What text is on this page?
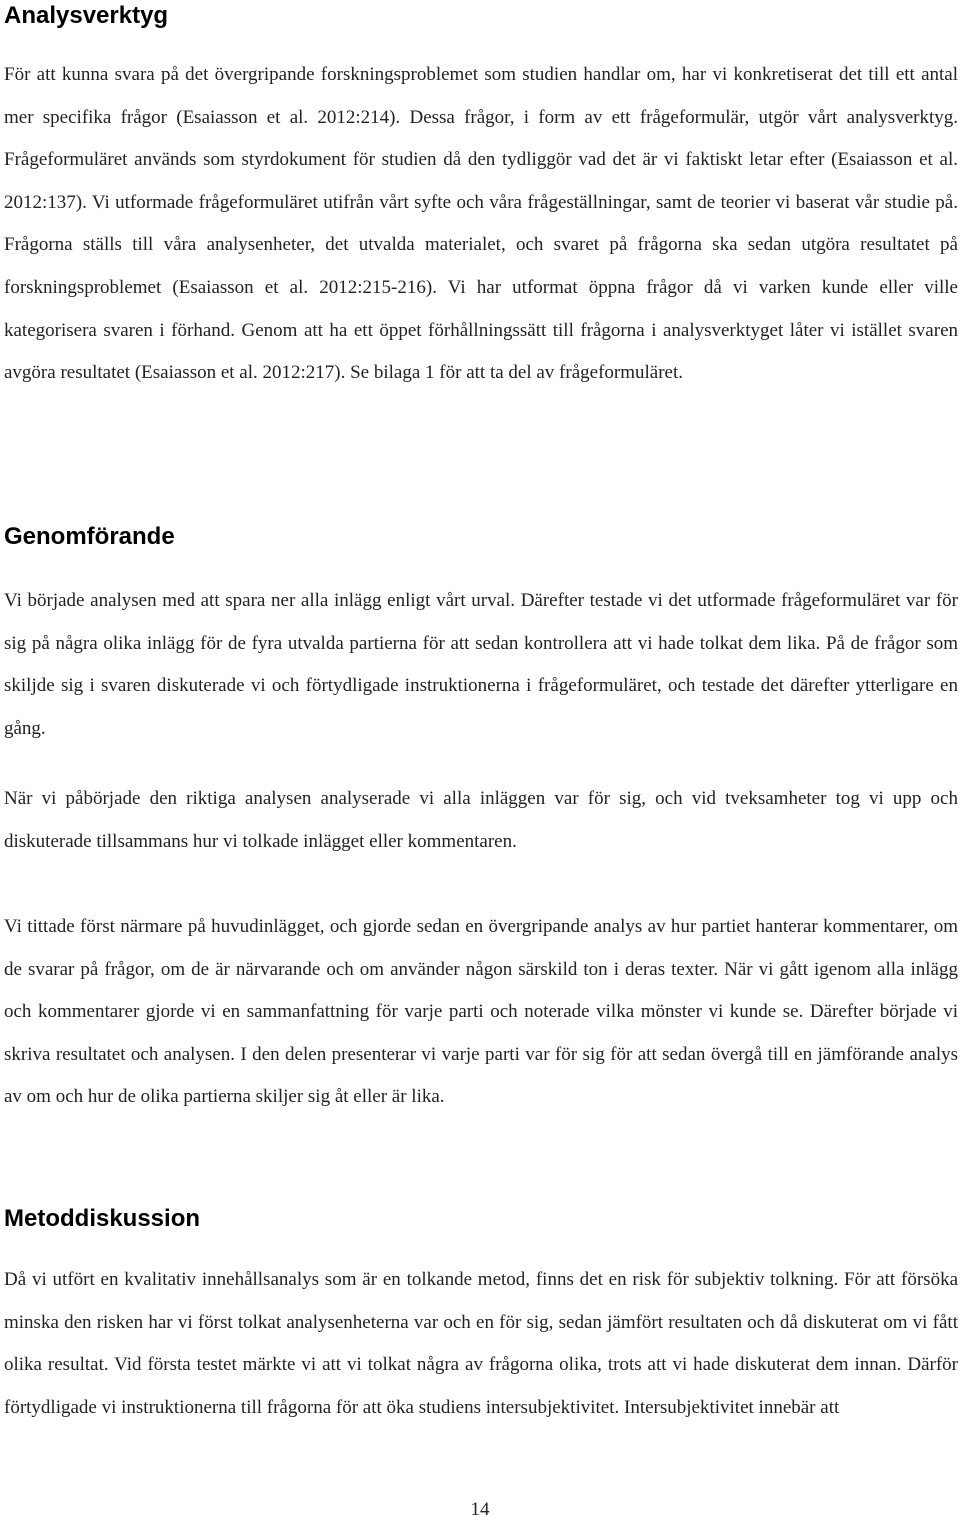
Analysverktyg

För att kunna svara på det övergripande forskningsproblemet som studien handlar om, har vi konkretiserat det till ett antal mer specifika frågor (Esaiasson et al. 2012:214). Dessa frågor, i form av ett frågeformulär, utgör vårt analysverktyg. Frågeformuläret används som styrdokument för studien då den tydliggör vad det är vi faktiskt letar efter (Esaiasson et al. 2012:137). Vi utformade frågeformuläret utifrån vårt syfte och våra frågeställningar, samt de teorier vi baserat vår studie på. Frågorna ställs till våra analysenheter, det utvalda materialet, och svaret på frågorna ska sedan utgöra resultatet på forskningsproblemet (Esaiasson et al. 2012:215-216). Vi har utformat öppna frågor då vi varken kunde eller ville kategorisera svaren i förhand. Genom att ha ett öppet förhållningssätt till frågorna i analysverktyget låter vi istället svaren avgöra resultatet (Esaiasson et al. 2012:217). Se bilaga 1 för att ta del av frågeformuläret.

Genomförande

Vi började analysen med att spara ner alla inlägg enligt vårt urval. Därefter testade vi det utformade frågeformuläret var för sig på några olika inlägg för de fyra utvalda partierna för att sedan kontrollera att vi hade tolkat dem lika. På de frågor som skiljde sig i svaren diskuterade vi och förtydligade instruktionerna i frågeformuläret, och testade det därefter ytterligare en gång.

När vi påbörjade den riktiga analysen analyserade vi alla inläggen var för sig, och vid tveksamheter tog vi upp och diskuterade tillsammans hur vi tolkade inlägget eller kommentaren.

Vi tittade först närmare på huvudinlägget, och gjorde sedan en övergripande analys av hur partiet hanterar kommentarer, om de svarar på frågor, om de är närvarande och om använder någon särskild ton i deras texter. När vi gått igenom alla inlägg och kommentarer gjorde vi en sammanfattning för varje parti och noterade vilka mönster vi kunde se. Därefter började vi skriva resultatet och analysen. I den delen presenterar vi varje parti var för sig för att sedan övergå till en jämförande analys av om och hur de olika partierna skiljer sig åt eller är lika.

Metoddiskussion

Då vi utfört en kvalitativ innehållsanalys som är en tolkande metod, finns det en risk för subjektiv tolkning. För att försöka minska den risken har vi först tolkat analysenheterna var och en för sig, sedan jämfört resultaten och då diskuterat om vi fått olika resultat. Vid första testet märkte vi att vi tolkat några av frågorna olika, trots att vi hade diskuterat dem innan. Därför förtydligade vi instruktionerna till frågorna för att öka studiens intersubjektivitet. Intersubjektivitet innebär att

14
